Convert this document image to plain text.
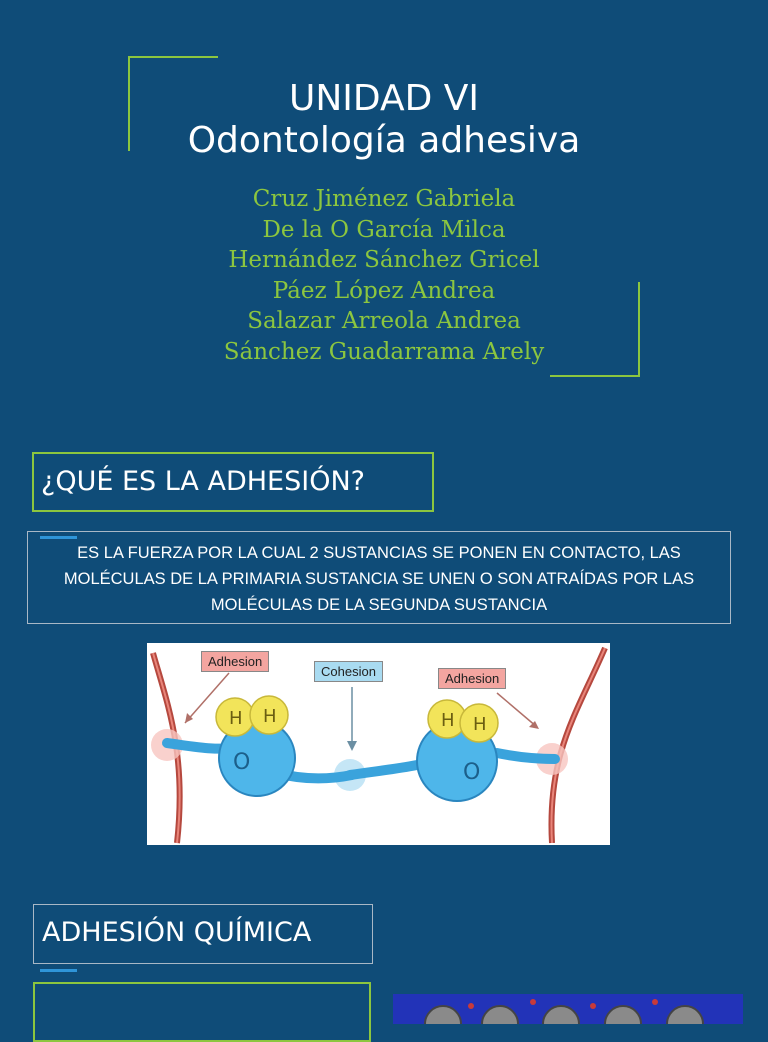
UNIDAD VI
Odontología adhesiva
Cruz Jiménez Gabriela
De la O García Milca
Hernández Sánchez Gricel
Páez López Andrea
Salazar Arreola Andrea
Sánchez Guadarrama Arely
¿QUÉ ES LA ADHESIÓN?
ES LA FUERZA POR LA CUAL 2 SUSTANCIAS SE PONEN EN CONTACTO, LAS MOLÉCULAS DE LA PRIMARIA SUSTANCIA SE UNEN O SON ATRAÍDAS POR LAS MOLÉCULAS DE LA SEGUNDA SUSTANCIA
H H
O
H H
O
Adhesion
Cohesion	Adhesion
ADHESIÓN QUÍMICA
